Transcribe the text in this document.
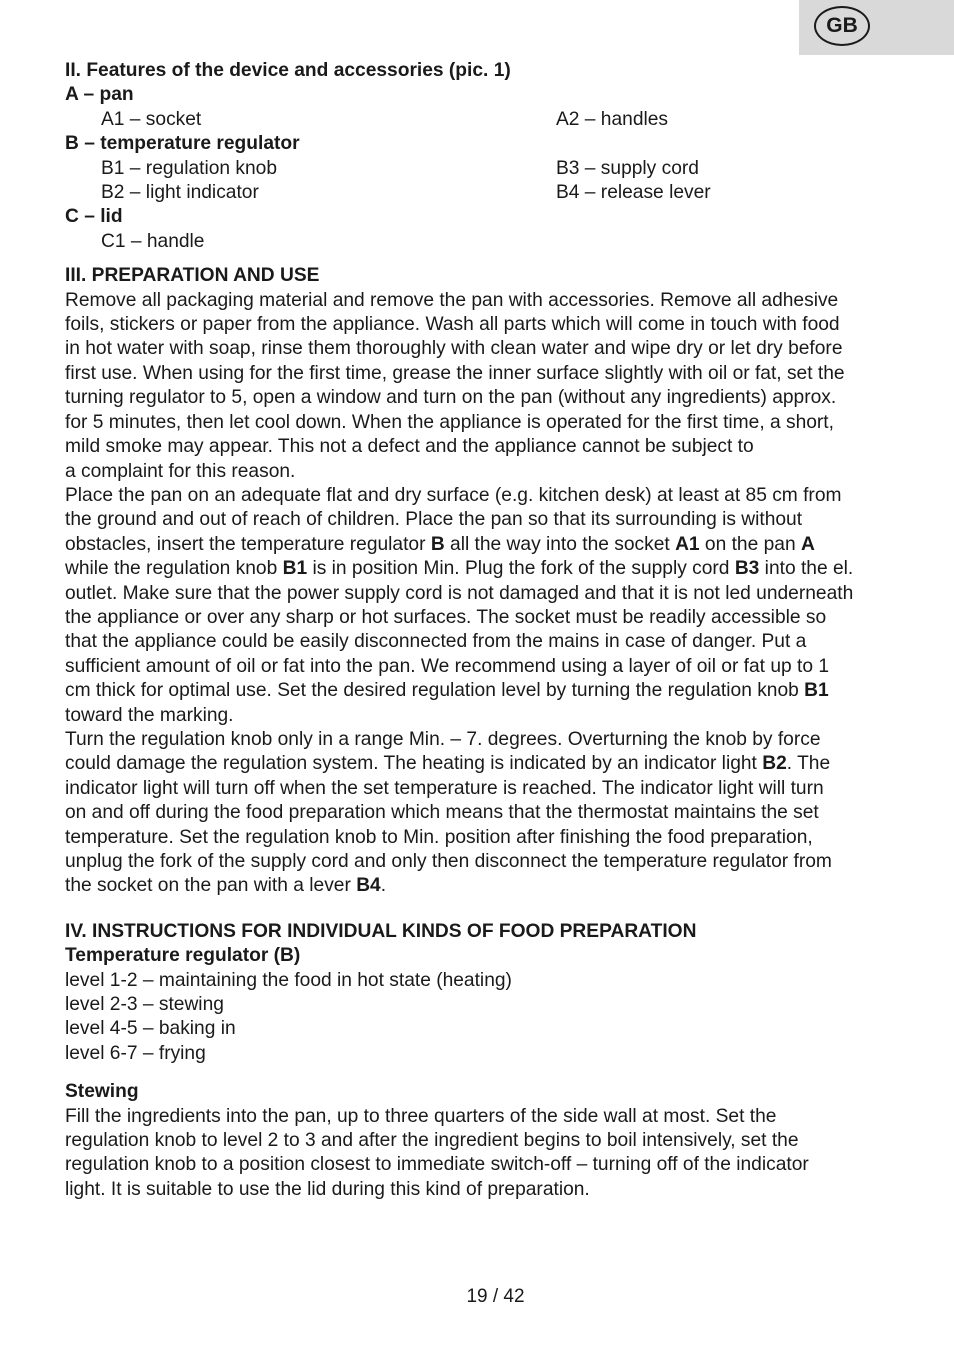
GB

II. Features of the device and accessories (pic. 1)

A – pan

A1 – socket	A2 – handles

B – temperature regulator

B1 – regulation knob	B3 – supply cord
B2 – light indicator	B4 – release lever

C – lid

C1 – handle

III. PREPARATION AND USE

Remove all packaging material and remove the pan with accessories. Remove all adhesive

foils, stickers or paper from the appliance. Wash all parts which will come in touch with food

in hot water with soap, rinse them thoroughly with clean water and wipe dry or let dry before

first use. When using for the first time, grease the inner surface slightly with oil or fat, set the

turning regulator to 5, open a window and turn on the pan (without any ingredients) approx.

for 5 minutes, then let cool down. When the appliance is operated for the first time, a short,

mild smoke may appear. This not a defect and the appliance cannot be subject to

a complaint for this reason.

Place the pan on an adequate flat and dry surface (e.g. kitchen desk) at least at 85 cm from

the ground and out of reach of children. Place the pan so that its surrounding is without

obstacles, insert the temperature regulator B all the way into the socket A1 on the pan A

while the regulation knob B1 is in position Min. Plug the fork of the supply cord B3 into the el.

outlet. Make sure that the power supply cord is not damaged and that it is not led underneath

the appliance or over any sharp or hot surfaces. The socket must be readily accessible so

that the appliance could be easily disconnected from the mains in case of danger. Put a

sufficient amount of oil or fat into the pan. We recommend using a layer of oil or fat up to 1

cm thick for optimal use. Set the desired regulation level by turning the regulation knob B1

toward the marking.

Turn the regulation knob only in a range Min. – 7. degrees. Overturning the knob by force

could damage the regulation system. The heating is indicated by an indicator light B2. The

indicator light will turn off when the set temperature is reached. The indicator light will turn

on and off during the food preparation which means that the thermostat maintains the set

temperature. Set the regulation knob to Min. position after finishing the food preparation,

unplug the fork of the supply cord and only then disconnect the temperature regulator from

the socket on the pan with a lever B4.

IV. INSTRUCTIONS FOR INDIVIDUAL KINDS OF FOOD PREPARATION

Temperature regulator (B)

level 1-2 – maintaining the food in hot state (heating)

level 2-3 – stewing

level 4-5 – baking in

level 6-7 – frying

Stewing

Fill the ingredients into the pan, up to three quarters of the side wall at most. Set the

regulation knob to level 2 to 3 and after the ingredient begins to boil intensively, set the

regulation knob to a position closest to immediate switch-off – turning off of the indicator

light. It is suitable to use the lid during this kind of preparation.

19 / 42
